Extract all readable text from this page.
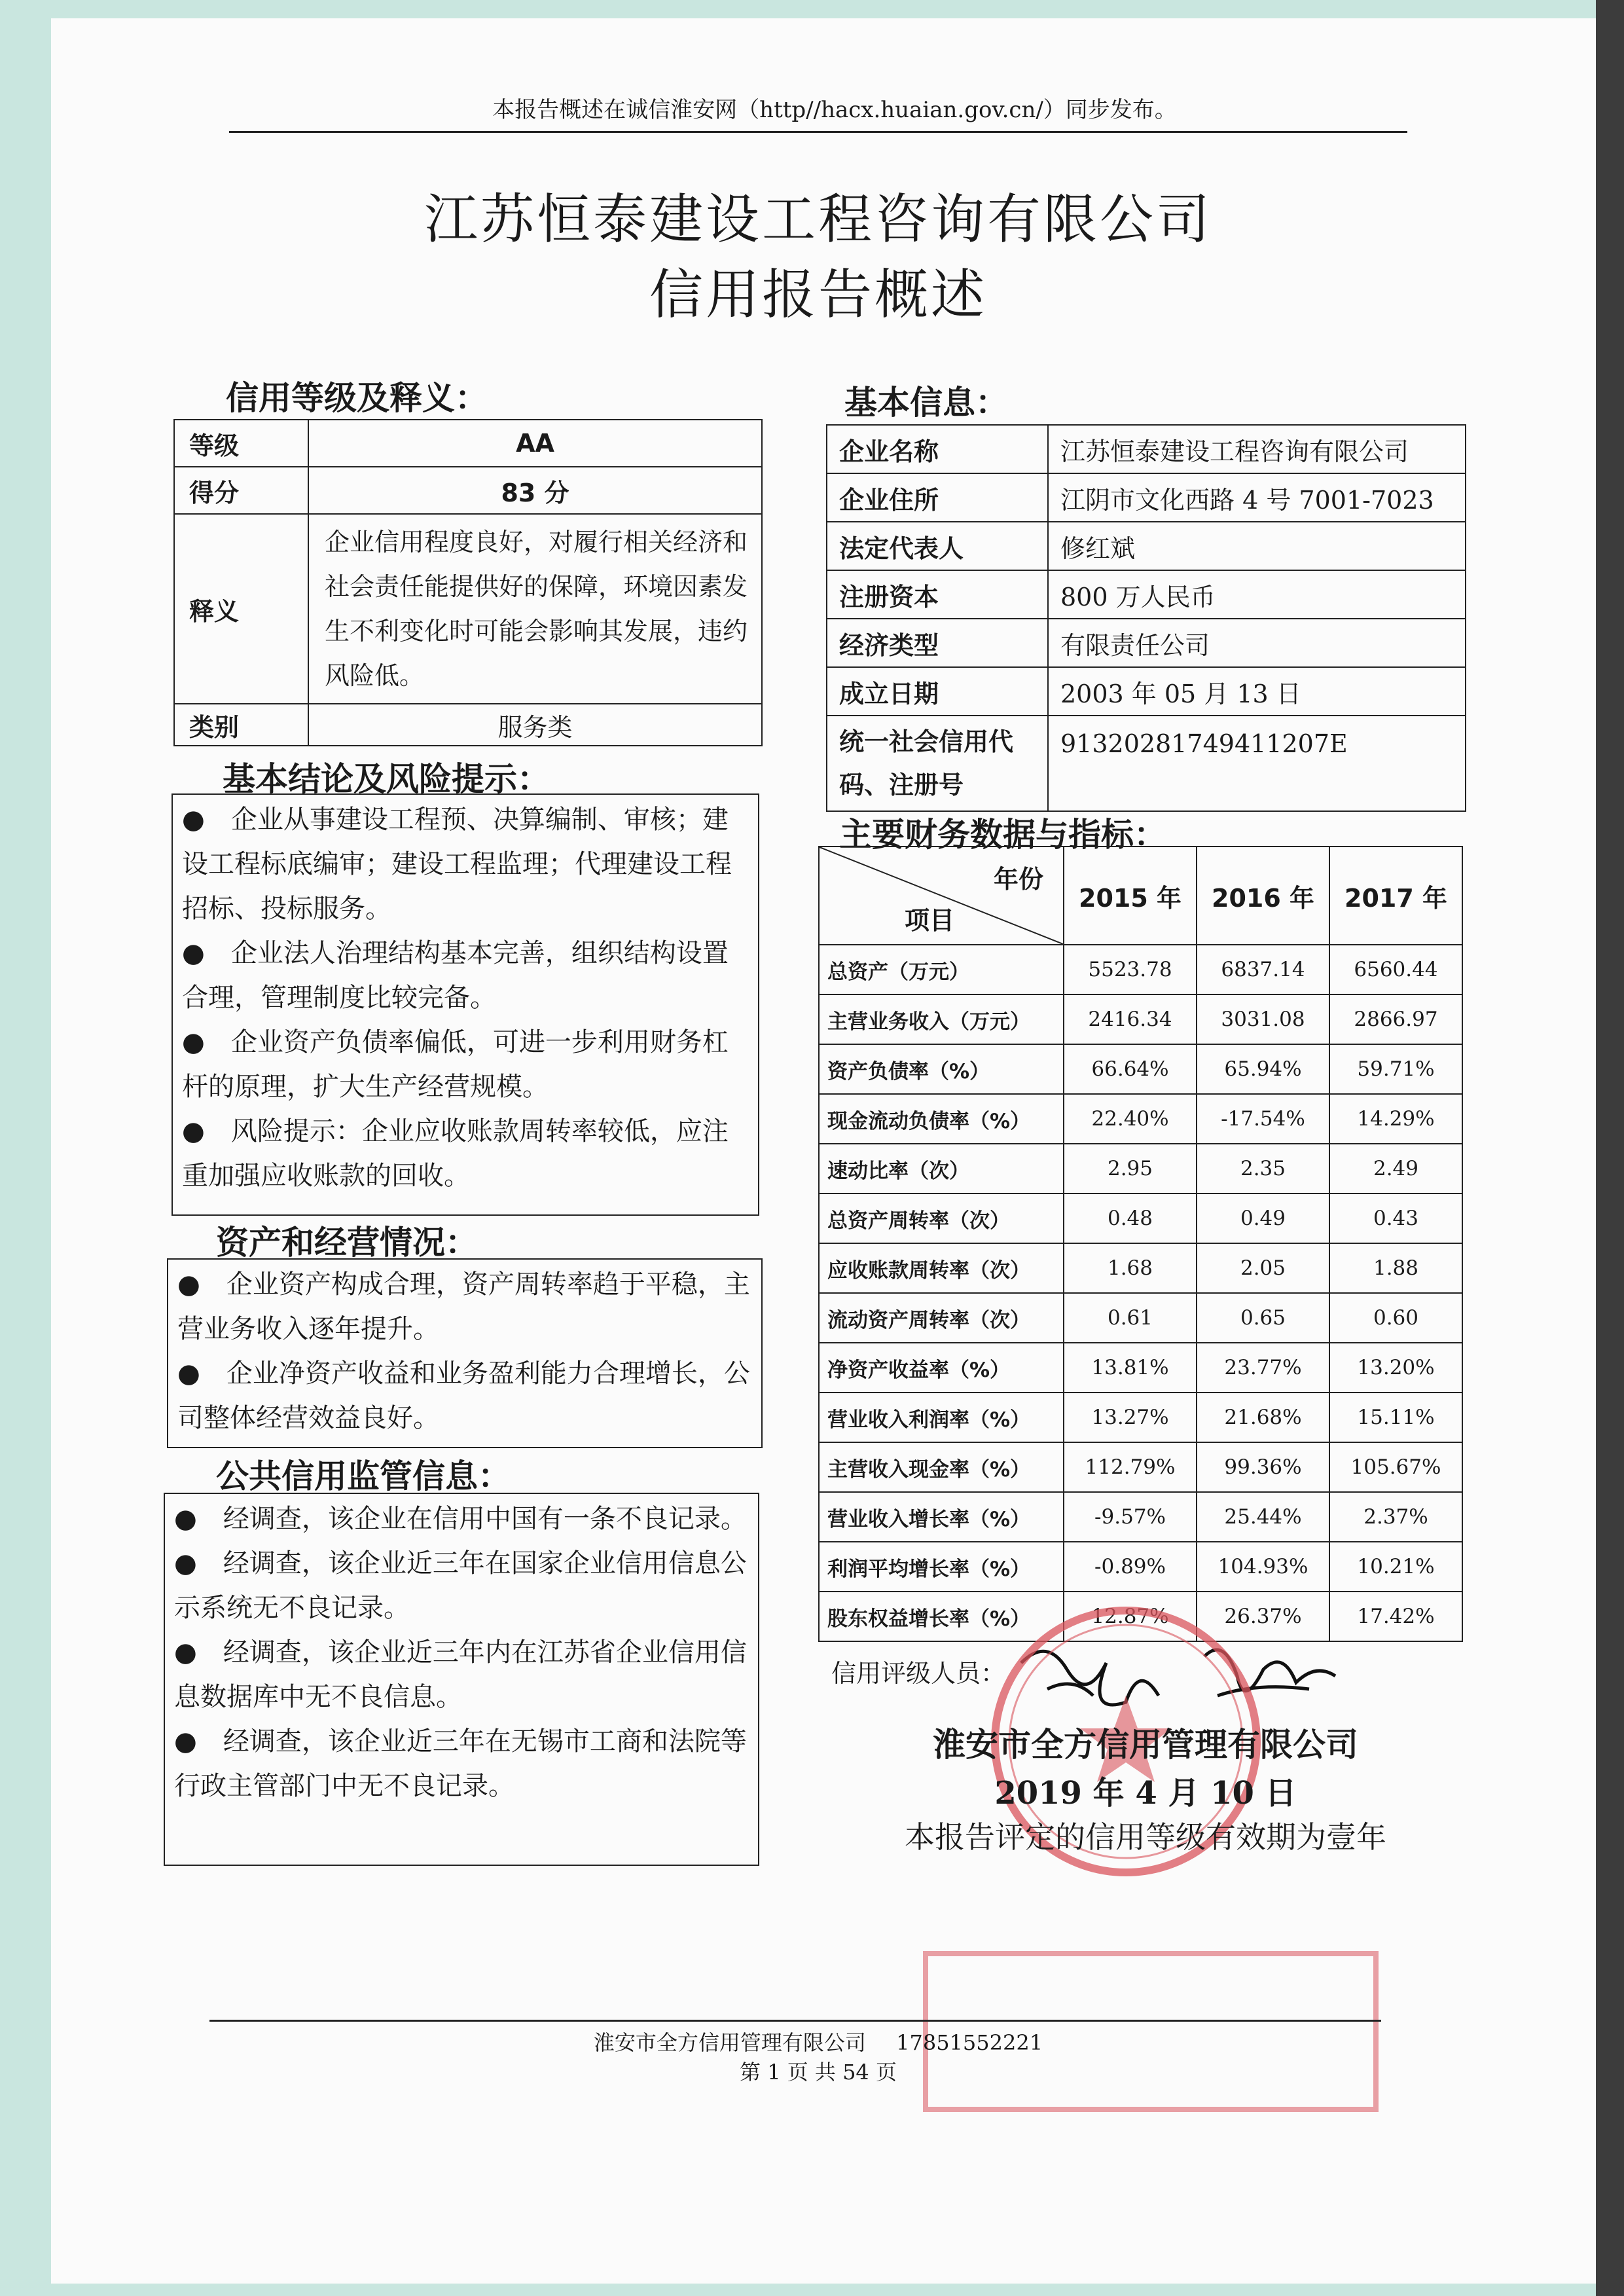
本报告概述在诚信淮安网（http//hacx.huaian.gov.cn/）同步发布。
江苏恒泰建设工程咨询有限公司
信用报告概述
信用等级及释义：
等级	AA
得分	83 分
释义	企业信用程度良好，对履行相关经济和社会责任能提供好的保障，环境因素发生不利变化时可能会影响其发展，违约风险低。
类别	服务类
基本结论及风险提示：

● 企业从事建设工程预、决算编制、审核；建设工程标底编审；建设工程监理；代理建设工程招标、投标服务。

● 企业法人治理结构基本完善，组织结构设置合理，管理制度比较完备。

● 企业资产负债率偏低，可进一步利用财务杠杆的原理，扩大生产经营规模。

● 风险提示：企业应收账款周转率较低，应注重加强应收账款的回收。

资产和经营情况：

● 企业资产构成合理，资产周转率趋于平稳，主营业务收入逐年提升。

● 企业净资产收益和业务盈利能力合理增长，公司整体经营效益良好。

公共信用监管信息：

● 经调查，该企业在信用中国有一条不良记录。

● 经调查，该企业近三年在国家企业信用信息公示系统无不良记录。

● 经调查，该企业近三年内在江苏省企业信用信息数据库中无不良信息。

● 经调查，该企业近三年在无锡市工商和法院等行政主管部门中无不良记录。

基本信息：
企业名称	江苏恒泰建设工程咨询有限公司
企业住所	江阴市文化西路 4 号 7001-7023
法定代表人	修红斌
注册资本	800 万人民币
经济类型	有限责任公司
成立日期	2003 年 05 月 13 日
统一社会信用代码、注册号	91320281749411207E
主要财务数据与指标：
年份
项目	2015 年	2016 年	2017 年
总资产（万元）	5523.78	6837.14	6560.44
主营业务收入（万元）	2416.34	3031.08	2866.97
资产负债率（%）	66.64%	65.94%	59.71%
现金流动负债率（%）	22.40%	-17.54%	14.29%
速动比率（次）	2.95	2.35	2.49
总资产周转率（次）	0.48	0.49	0.43
应收账款周转率（次）	1.68	2.05	1.88
流动资产周转率（次）	0.61	0.65	0.60
净资产收益率（%）	13.81%	23.77%	13.20%
营业收入利润率（%）	13.27%	21.68%	15.11%
主营收入现金率（%）	112.79%	99.36%	105.67%
营业收入增长率（%）	-9.57%	25.44%	2.37%
利润平均增长率（%）	-0.89%	104.93%	10.21%
股东权益增长率（%）	12.87%	26.37%	17.42%
信用评级人员：
淮安市全方信用管理有限公司
2019 年 4 月 10 日
本报告评定的信用等级有效期为壹年
淮安市全方信用管理有限公司 17851552221
第 1 页 共 54 页
